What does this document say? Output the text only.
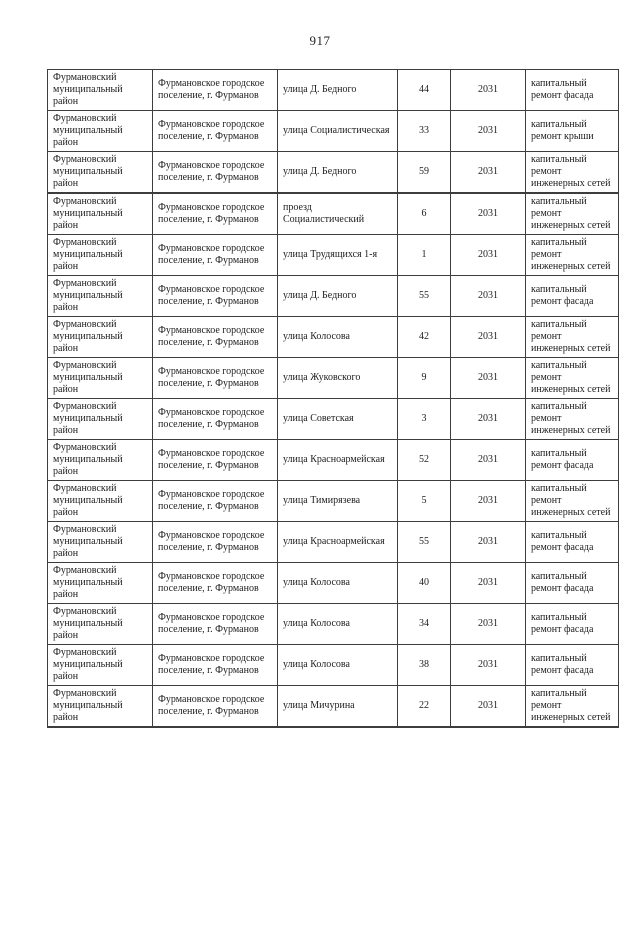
917
Фурмановский муниципальный район	Фурмановское городское поселение, г. Фурманов	улица Д. Бедного	44	2031	капитальный ремонт фасада
Фурмановский муниципальный район	Фурмановское городское поселение, г. Фурманов	улица Социалистическая	33	2031	капитальный ремонт крыши
Фурмановский муниципальный район	Фурмановское городское поселение, г. Фурманов	улица Д. Бедного	59	2031	капитальный ремонт инженерных сетей
Фурмановский муниципальный район	Фурмановское городское поселение, г. Фурманов	проезд Социалистический	6	2031	капитальный ремонт инженерных сетей
Фурмановский муниципальный район	Фурмановское городское поселение, г. Фурманов	улица Трудящихся 1-я	1	2031	капитальный ремонт инженерных сетей
Фурмановский муниципальный район	Фурмановское городское поселение, г. Фурманов	улица Д. Бедного	55	2031	капитальный ремонт фасада
Фурмановский муниципальный район	Фурмановское городское поселение, г. Фурманов	улица Колосова	42	2031	капитальный ремонт инженерных сетей
Фурмановский муниципальный район	Фурмановское городское поселение, г. Фурманов	улица Жуковского	9	2031	капитальный ремонт инженерных сетей
Фурмановский муниципальный район	Фурмановское городское поселение, г. Фурманов	улица Советская	3	2031	капитальный ремонт инженерных сетей
Фурмановский муниципальный район	Фурмановское городское поселение, г. Фурманов	улица Красноармейская	52	2031	капитальный ремонт фасада
Фурмановский муниципальный район	Фурмановское городское поселение, г. Фурманов	улица Тимирязева	5	2031	капитальный ремонт инженерных сетей
Фурмановский муниципальный район	Фурмановское городское поселение, г. Фурманов	улица Красноармейская	55	2031	капитальный ремонт фасада
Фурмановский муниципальный район	Фурмановское городское поселение, г. Фурманов	улица Колосова	40	2031	капитальный ремонт фасада
Фурмановский муниципальный район	Фурмановское городское поселение, г. Фурманов	улица Колосова	34	2031	капитальный ремонт фасада
Фурмановский муниципальный район	Фурмановское городское поселение, г. Фурманов	улица Колосова	38	2031	капитальный ремонт фасада
Фурмановский муниципальный район	Фурмановское городское поселение, г. Фурманов	улица Мичурина	22	2031	капитальный ремонт инженерных сетей
